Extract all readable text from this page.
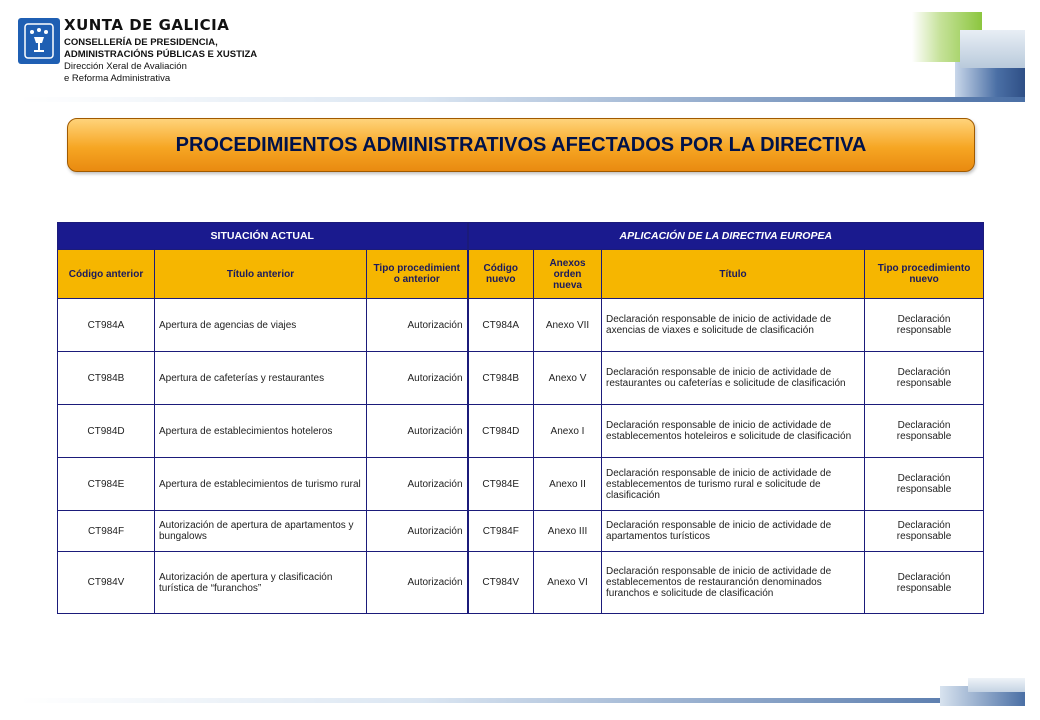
XUNTA DE GALICIA
CONSELLERÍA DE PRESIDENCIA,
ADMINISTRACIÓNS PÚBLICAS E XUSTIZA
Dirección Xeral de Avaliación
e Reforma Administrativa
PROCEDIMIENTOS ADMINISTRATIVOS AFECTADOS POR LA DIRECTIVA
SITUACIÓN ACTUAL			APLICACIÓN DE LA DIRECTIVA EUROPEA			
Código anterior	Título anterior	Tipo procedimient o anterior	Código nuevo	Anexos orden nueva	Título	Tipo procedimiento nuevo
CT984A	Apertura de agencias de viajes	Autorización	CT984A	Anexo VII	Declaración responsable de inicio de actividade de axencias de viaxes e solicitude de clasificación	Declaración responsable
CT984B	Apertura de cafeterías y restaurantes	Autorización	CT984B	Anexo V	Declaración responsable de inicio de actividade de restaurantes ou cafeterías e solicitude de clasificación	Declaración responsable
CT984D	Apertura de establecimientos hoteleros	Autorización	CT984D	Anexo I	Declaración responsable de inicio de actividade de establecementos hoteleiros e solicitude de clasificación	Declaración responsable
CT984E	Apertura de establecimientos de turismo rural	Autorización	CT984E	Anexo II	Declaración responsable de inicio de actividade de establecementos de turismo rural e solicitude de clasificación	Declaración responsable
CT984F	Autorización de apertura de apartamentos y bungalows	Autorización	CT984F	Anexo III	Declaración responsable de inicio de actividade de apartamentos turísticos	Declaración responsable
CT984V	Autorización de apertura y clasificación turística de “furanchos”	Autorización	CT984V	Anexo VI	Declaración responsable de inicio de actividade de establecementos de restauranción denominados furanchos e solicitude de clasificación	Declaración responsable
